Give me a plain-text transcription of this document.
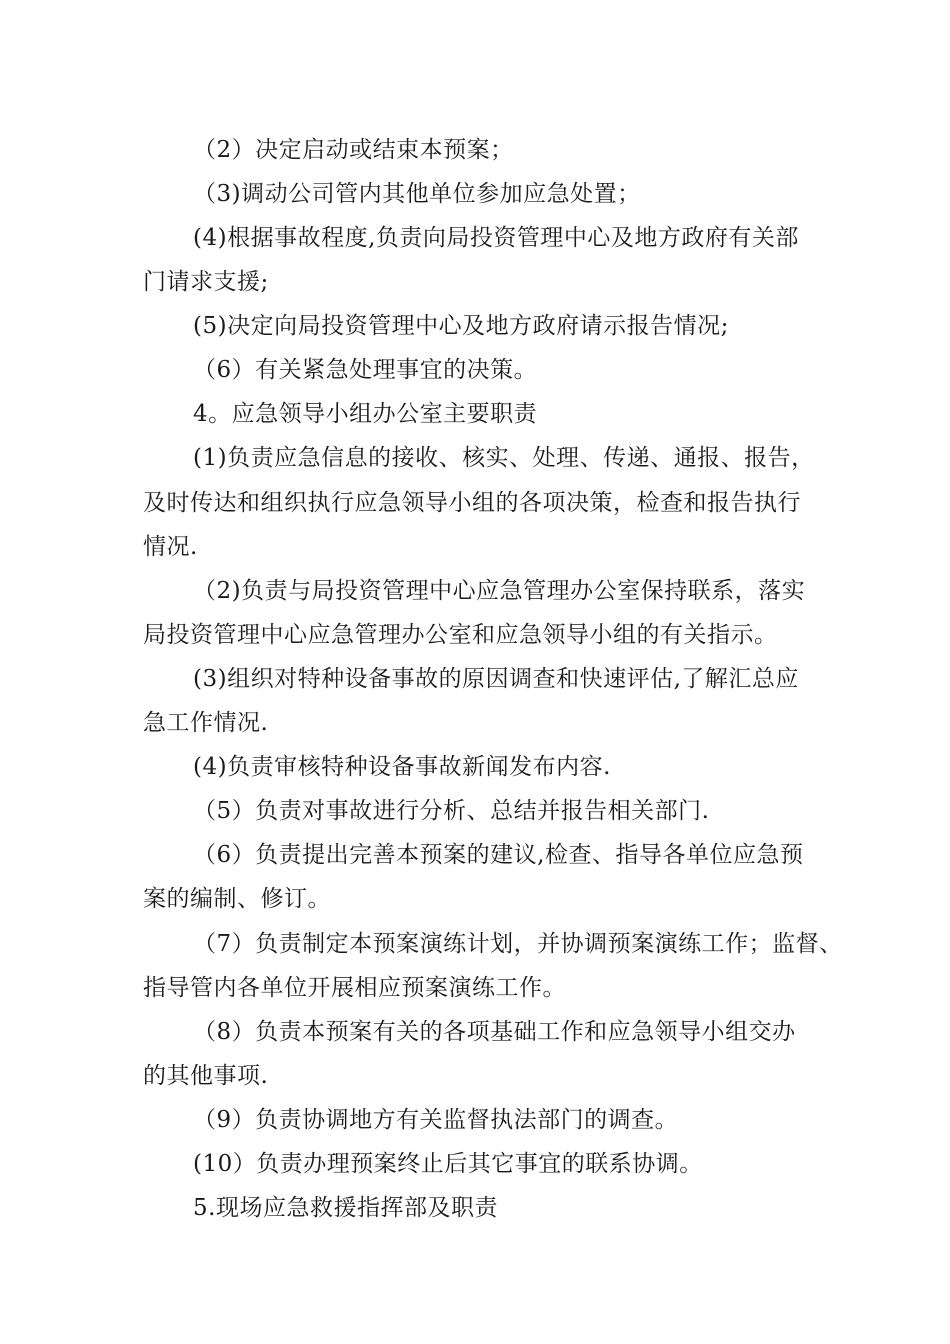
（2）决定启动或结束本预案；
（3)调动公司管内其他单位参加应急处置；
(4)根据事故程度,负责向局投资管理中心及地方政府有关部
门请求支援;
(5)决定向局投资管理中心及地方政府请示报告情况;
（6）有关紧急处理事宜的决策。
4。应急领导小组办公室主要职责
(1)负责应急信息的接收、核实、处理、传递、通报、报告，
及时传达和组织执行应急领导小组的各项决策，检查和报告执行
情况.
（2)负责与局投资管理中心应急管理办公室保持联系，落实
局投资管理中心应急管理办公室和应急领导小组的有关指示。
(3)组织对特种设备事故的原因调查和快速评估,了解汇总应
急工作情况.
(4)负责审核特种设备事故新闻发布内容.
（5）负责对事故进行分析、总结并报告相关部门.
（6）负责提出完善本预案的建议,检查、指导各单位应急预
案的编制、修订。
（7）负责制定本预案演练计划，并协调预案演练工作；监督、
指导管内各单位开展相应预案演练工作。
（8）负责本预案有关的各项基础工作和应急领导小组交办
的其他事项.
（9）负责协调地方有关监督执法部门的调查。
(10）负责办理预案终止后其它事宜的联系协调。
5.现场应急救援指挥部及职责
